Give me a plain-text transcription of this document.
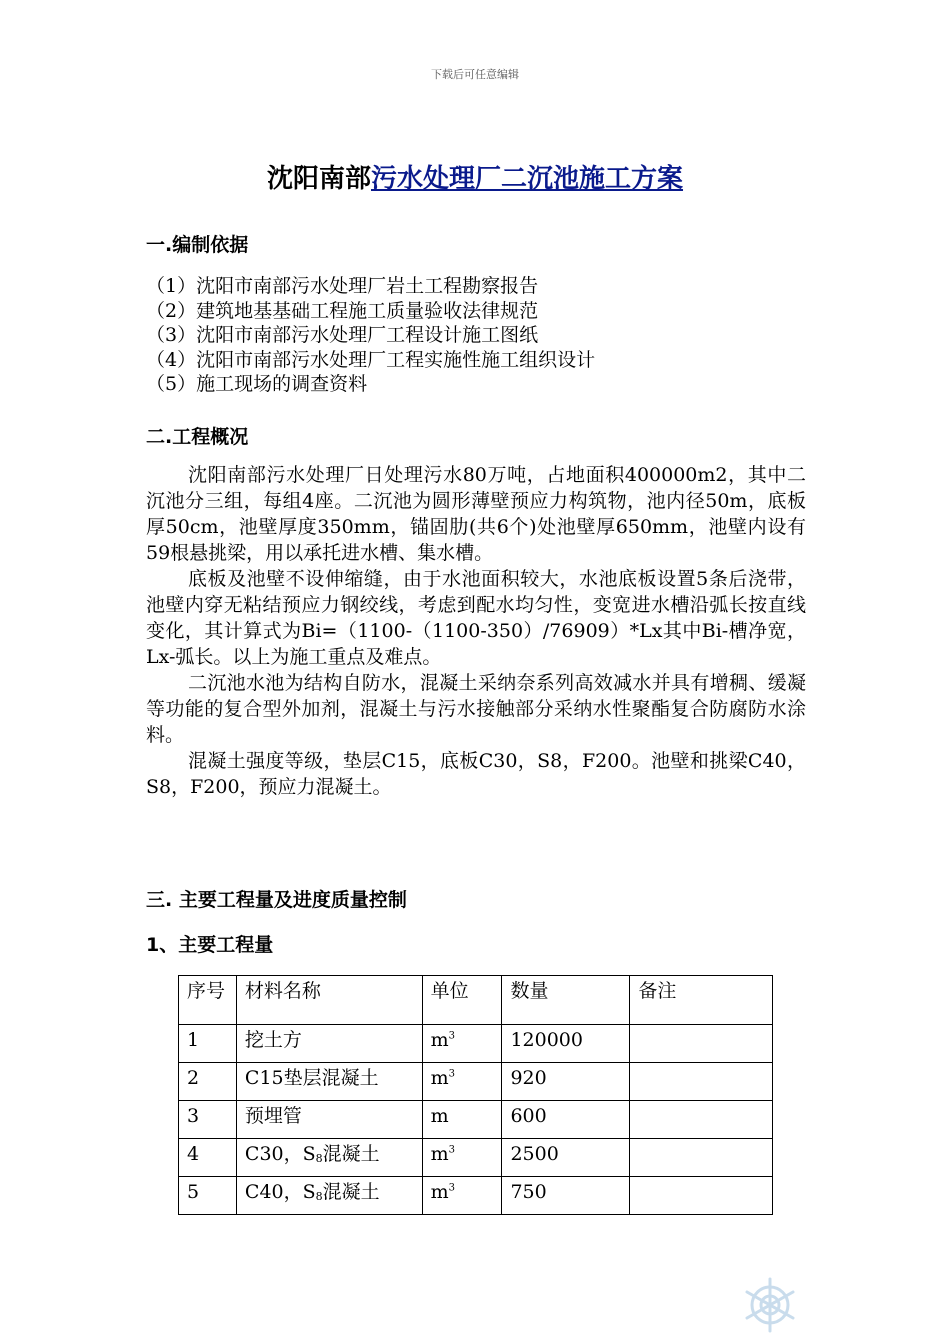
下载后可任意编辑
沈阳南部污水处理厂二沉池施工方案
一.编制依据
（1）沈阳市南部污水处理厂岩土工程勘察报告
（2）建筑地基基础工程施工质量验收法律规范
（3）沈阳市南部污水处理厂工程设计施工图纸
（4）沈阳市南部污水处理厂工程实施性施工组织设计
（5）施工现场的调查资料
二.工程概况

沈阳南部污水处理厂日处理污水80万吨，占地面积400000m2，其中二沉池分三组，每组4座。二沉池为圆形薄壁预应力构筑物，池内径50m，底板厚50cm，池壁厚度350mm，锚固肋(共6个)处池壁厚650mm，池壁内设有59根悬挑梁，用以承托进水槽、集水槽。

底板及池壁不设伸缩缝，由于水池面积较大，水池底板设置5条后浇带，池壁内穿无粘结预应力钢绞线，考虑到配水均匀性，变宽进水槽沿弧长按直线变化，其计算式为Bi=（1100-（1100-350）/76909）*Lx其中Bi-槽净宽，Lx-弧长。以上为施工重点及难点。

二沉池水池为结构自防水，混凝土采纳奈系列高效减水并具有增稠、缓凝等功能的复合型外加剂，混凝土与污水接触部分采纳水性聚酯复合防腐防水涂料。

混凝土强度等级，垫层C15，底板C30，S8，F200。池壁和挑梁C40，S8，F200，预应力混凝土。

三. 主要工程量及进度质量控制
1、主要工程量
序号	材料名称	单位	数量	备注
1	挖土方	$m^3$	120000	
2	C15垫层混凝土	$m^3$	920	
3	预埋管	m	600	
4	C30，$S_8$混凝土	$m^3$	2500	
5	C40，$S_8$混凝土	$m^3$	750	
